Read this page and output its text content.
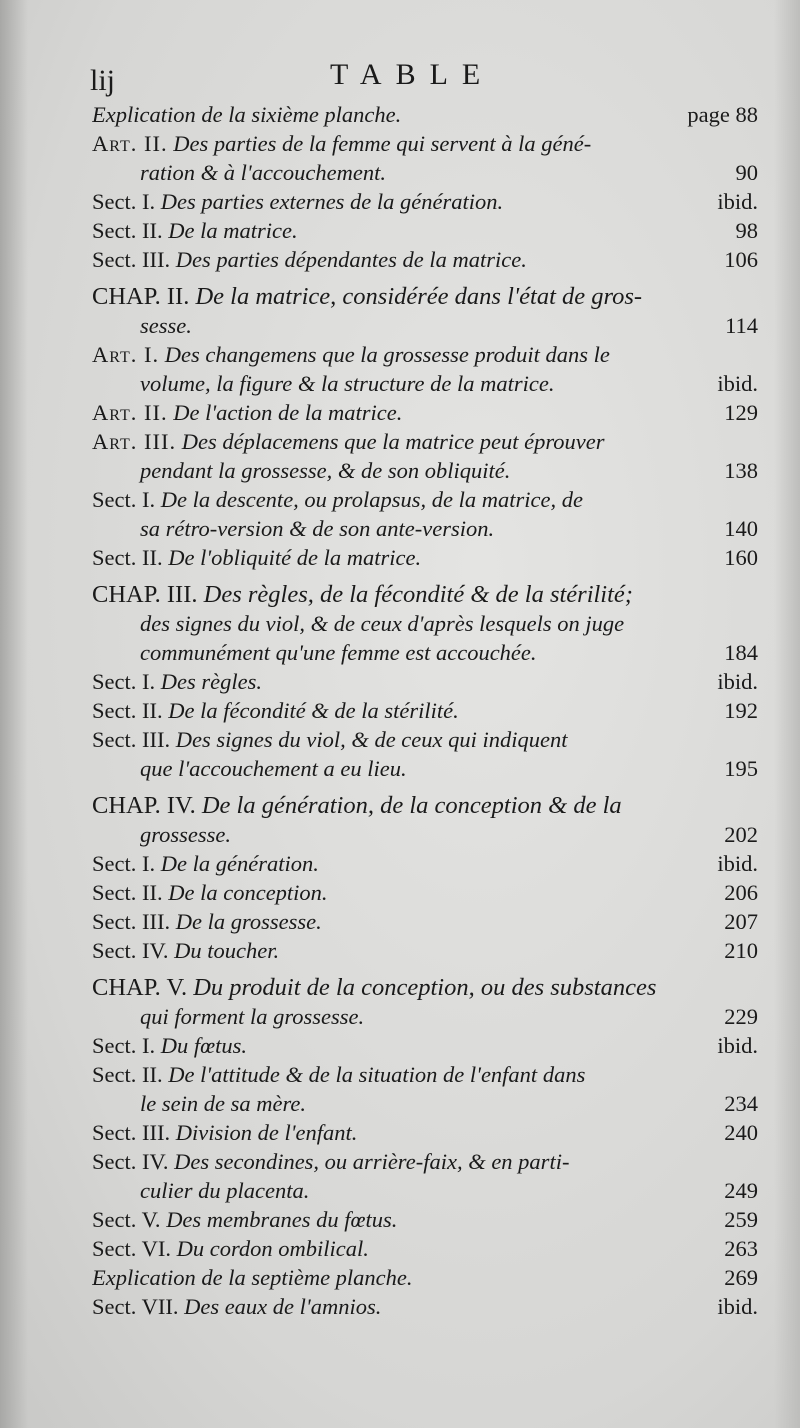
lij	TABLE
Explication de la sixième planche.	page 88
Art. II. Des parties de la femme qui servent à la géné-
ration & à l'accouchement.	90
Sect. I. Des parties externes de la génération.	ibid.
Sect. II. De la matrice.	98
Sect. III. Des parties dépendantes de la matrice.	106
CHAP. II. De la matrice, considérée dans l'état de gros-
sesse.	114
Art. I. Des changemens que la grossesse produit dans le
volume, la figure & la structure de la matrice.	ibid.
Art. II. De l'action de la matrice.	129
Art. III. Des déplacemens que la matrice peut éprouver
pendant la grossesse, & de son obliquité.	138
Sect. I. De la descente, ou prolapsus, de la matrice, de
sa rétro-version & de son ante-version.	140
Sect. II. De l'obliquité de la matrice.	160
CHAP. III. Des règles, de la fécondité & de la stérilité;
des signes du viol, & de ceux d'après lesquels on juge
communément qu'une femme est accouchée.	184
Sect. I. Des règles.	ibid.
Sect. II. De la fécondité & de la stérilité.	192
Sect. III. Des signes du viol, & de ceux qui indiquent
que l'accouchement a eu lieu.	195
CHAP. IV. De la génération, de la conception & de la
grossesse.	202
Sect. I. De la génération.	ibid.
Sect. II. De la conception.	206
Sect. III. De la grossesse.	207
Sect. IV. Du toucher.	210
CHAP. V. Du produit de la conception, ou des substances
qui forment la grossesse.	229
Sect. I. Du fœtus.	ibid.
Sect. II. De l'attitude & de la situation de l'enfant dans
le sein de sa mère.	234
Sect. III. Division de l'enfant.	240
Sect. IV. Des secondines, ou arrière-faix, & en parti-
culier du placenta.	249
Sect. V. Des membranes du fœtus.	259
Sect. VI. Du cordon ombilical.	263
Explication de la septième planche.	269
Sect. VII. Des eaux de l'amnios.	ibid.
